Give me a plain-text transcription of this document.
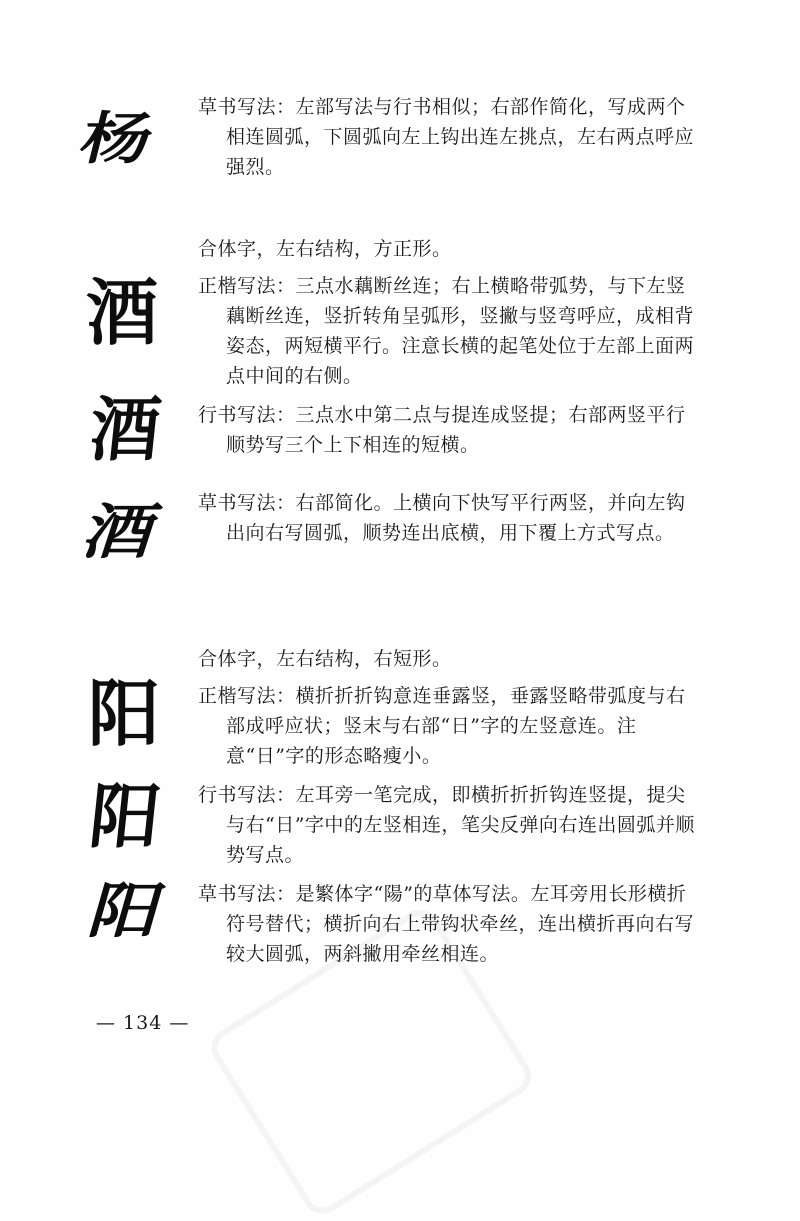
杨 草书写法：左部写法与行书相似；右部作简化，写成两个相连圆弧，下圆弧向左上钩出连左挑点，左右两点呼应强烈。

酒
酒
酒

合体字，左右结构，方正形。

正楷写法：三点水藕断丝连；右上横略带弧势，与下左竖藕断丝连，竖折转角呈弧形，竖撇与竖弯呼应，成相背姿态，两短横平行。注意长横的起笔处位于左部上面两点中间的右侧。

行书写法：三点水中第二点与提连成竖提；右部两竖平行顺势写三个上下相连的短横。

草书写法：右部简化。上横向下快写平行两竖，并向左钩出向右写圆弧，顺势连出底横，用下覆上方式写点。

阳
阳
阳

合体字，左右结构，右短形。

正楷写法：横折折折钩意连垂露竖，垂露竖略带弧度与右部成呼应状；竖末与右部“日”字的左竖意连。注意“日”字的形态略瘦小。

行书写法：左耳旁一笔完成，即横折折折钩连竖提，提尖与右“日”字中的左竖相连，笔尖反弹向右连出圆弧并顺势写点。

草书写法：是繁体字“陽”的草体写法。左耳旁用长形横折符号替代；横折向右上带钩状牵丝，连出横折再向右写较大圆弧，两斜撇用牵丝相连。

— 134 —
